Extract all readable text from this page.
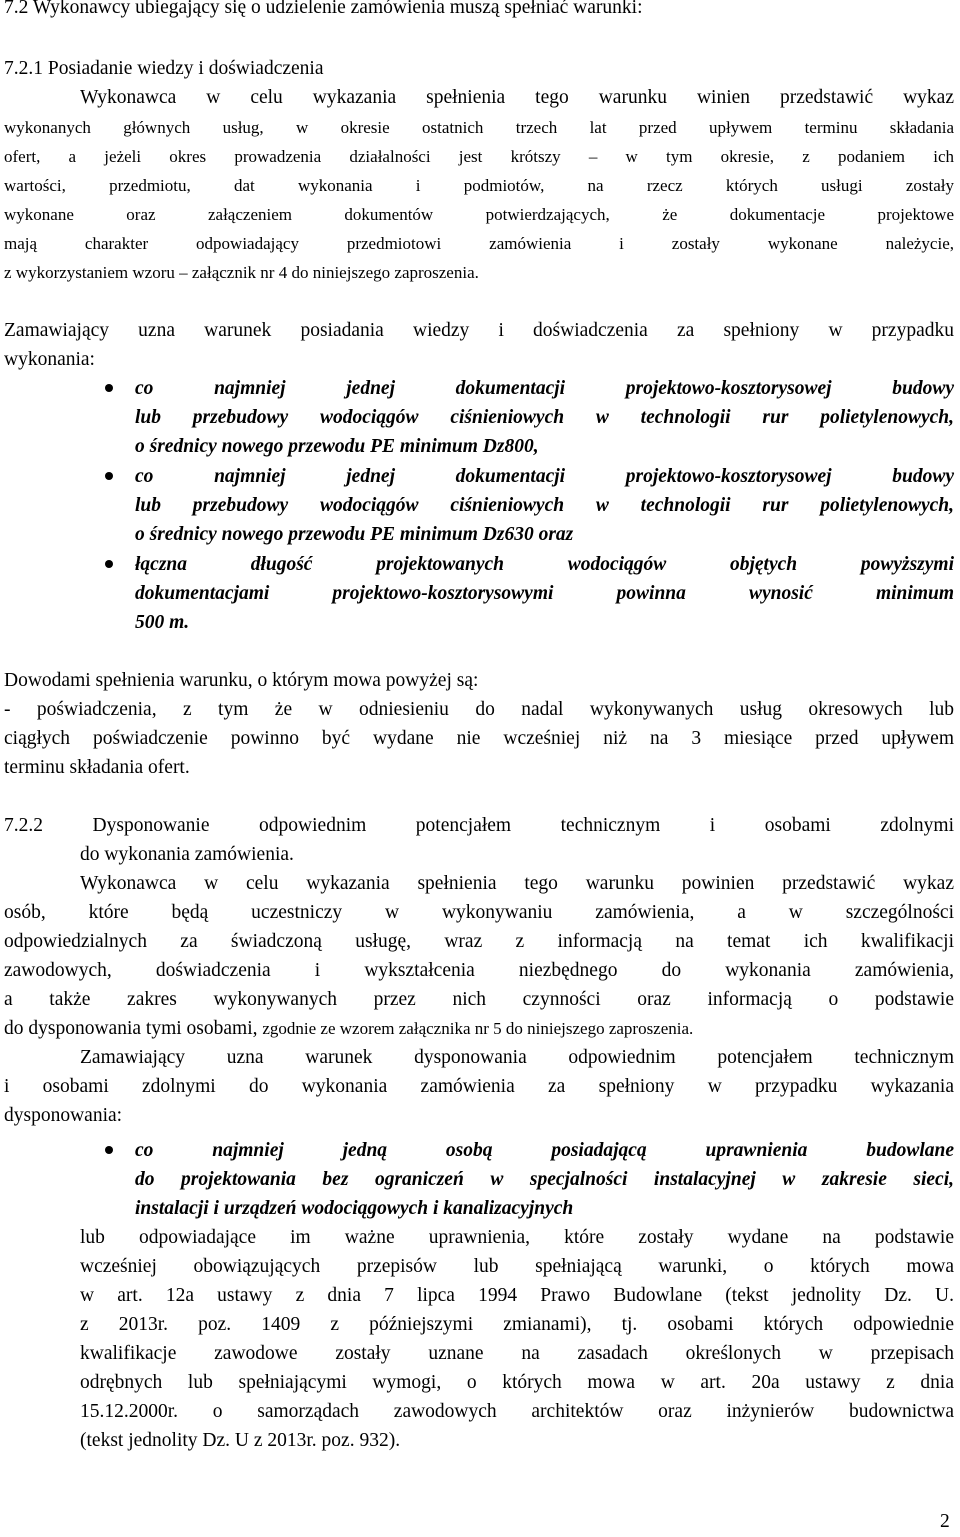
7.2 Wykonawcy ubiegający się o udzielenie zamówienia muszą spełniać warunki:
7.2.1 Posiadanie wiedzy i doświadczenia
Wykonawca w celu wykazania spełnienia tego warunku winien przedstawić wykaz
wykonanych głównych usług, w okresie ostatnich trzech lat przed upływem terminu składania
ofert, a jeżeli okres prowadzenia działalności jest krótszy – w tym okresie, z podaniem ich
wartości, przedmiotu, dat wykonania i podmiotów, na rzecz których usługi zostały
wykonane oraz załączeniem dokumentów potwierdzających, że dokumentacje projektowe
mają charakter odpowiadający przedmiotowi zamówienia i zostały wykonane należycie,
z wykorzystaniem wzoru – załącznik nr 4 do niniejszego zaproszenia.
Zamawiający uzna warunek posiadania wiedzy i doświadczenia za spełniony w przypadku
wykonania:
co najmniej jednej dokumentacji projektowo-kosztorysowej budowy
lub przebudowy wodociągów ciśnieniowych w technologii rur polietylenowych,
o średnicy nowego przewodu PE minimum Dz800,
co najmniej jednej dokumentacji projektowo-kosztorysowej budowy
lub przebudowy wodociągów ciśnieniowych w technologii rur polietylenowych,
o średnicy nowego przewodu PE minimum Dz630 oraz
łączna długość projektowanych wodociągów objętych powyższymi
dokumentacjami projektowo-kosztorysowymi powinna wynosić minimum
500 m.
Dowodami spełnienia warunku, o którym mowa powyżej są:
- poświadczenia, z tym że w odniesieniu do nadal wykonywanych usług okresowych lub
ciągłych poświadczenie powinno być wydane nie wcześniej niż na 3 miesiące przed upływem
terminu składania ofert.
7.2.2 Dysponowanie odpowiednim potencjałem technicznym i osobami zdolnymi
do wykonania zamówienia.
Wykonawca w celu wykazania spełnienia tego warunku powinien przedstawić wykaz
osób, które będą uczestniczy w wykonywaniu zamówienia, a w szczególności
odpowiedzialnych za świadczoną usługę, wraz z informacją na temat ich kwalifikacji
zawodowych, doświadczenia i wykształcenia niezbędnego do wykonania zamówienia,
a także zakres wykonywanych przez nich czynności oraz informacją o podstawie
do dysponowania tymi osobami, zgodnie ze wzorem załącznika nr 5 do niniejszego zaproszenia.
Zamawiający uzna warunek dysponowania odpowiednim potencjałem technicznym
i osobami zdolnymi do wykonania zamówienia za spełniony w przypadku wykazania
dysponowania:
co najmniej jedną osobą posiadającą uprawnienia budowlane
do projektowania bez ograniczeń w specjalności instalacyjnej w zakresie sieci,
instalacji i urządzeń wodociągowych i kanalizacyjnych
lub odpowiadające im ważne uprawnienia, które zostały wydane na podstawie
wcześniej obowiązujących przepisów lub spełniającą warunki, o których mowa
w art. 12a ustawy z dnia 7 lipca 1994 Prawo Budowlane (tekst jednolity Dz. U.
z 2013r. poz. 1409 z późniejszymi zmianami), tj. osobami których odpowiednie
kwalifikacje zawodowe zostały uznane na zasadach określonych w przepisach
odrębnych lub spełniającymi wymogi, o których mowa w art. 20a ustawy z dnia
15.12.2000r. o samorządach zawodowych architektów oraz inżynierów budownictwa
(tekst jednolity Dz. U z 2013r. poz. 932).
2
